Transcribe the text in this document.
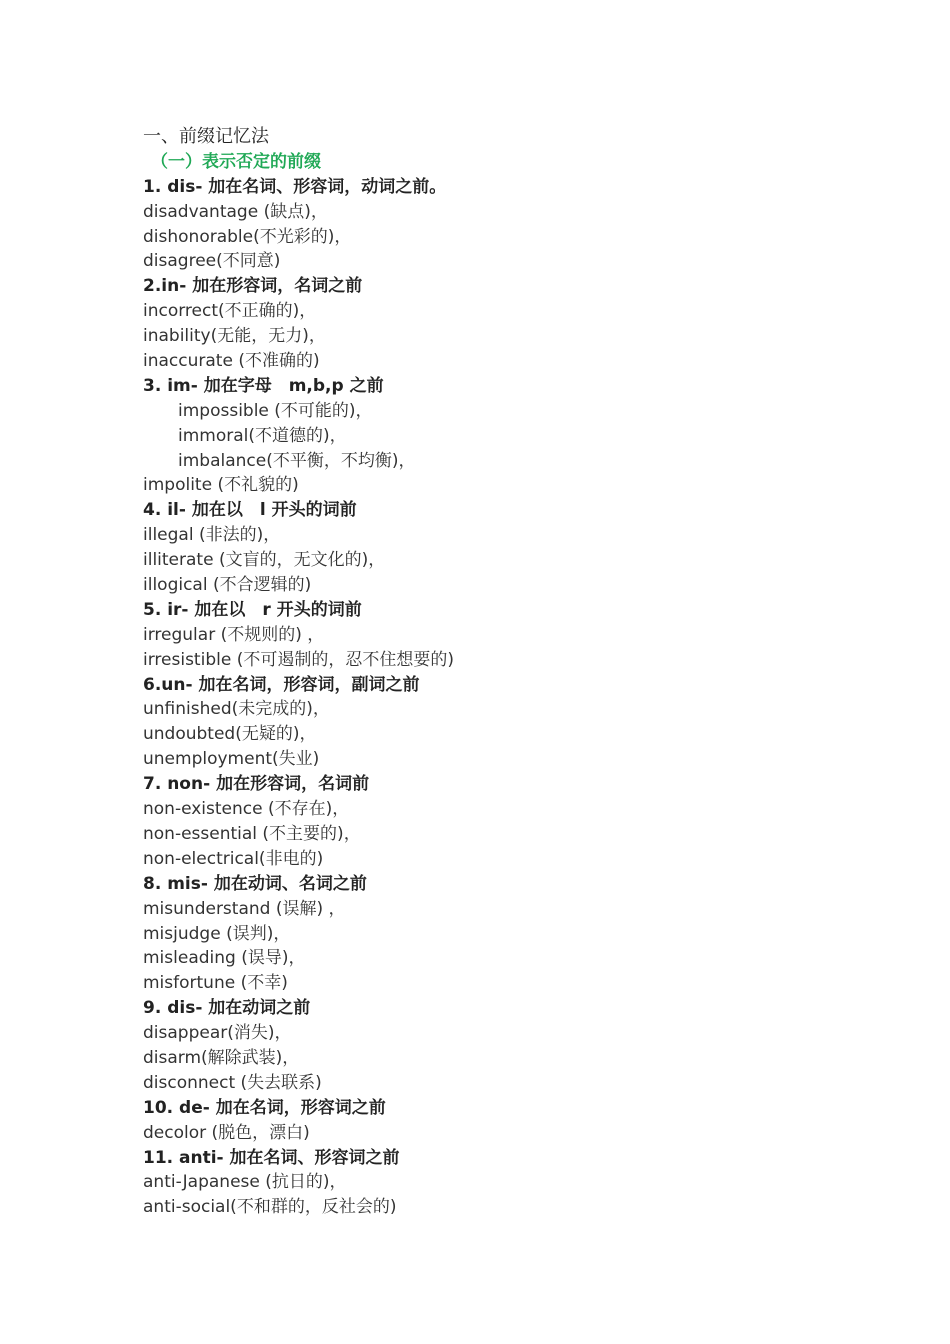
一、前缀记忆法
（一）表示否定的前缀
1. dis- 加在名词、形容词，动词之前。
disadvantage (缺点)，
dishonorable(不光彩的)，
disagree(不同意)
2.in- 加在形容词，名词之前
incorrect(不正确的)，
inability(无能，无力)，
inaccurate (不准确的)
3. im- 加在字母　m,b,p 之前
impossible (不可能的)，
immoral(不道德的)，
imbalance(不平衡，不均衡)，
impolite (不礼貌的)
4. il- 加在以　l 开头的词前
illegal (非法的)，
illiterate (文盲的，无文化的)，
illogical (不合逻辑的)
5. ir- 加在以　r 开头的词前
irregular (不规则的) ，
irresistible (不可遏制的，忍不住想要的)
6.un- 加在名词，形容词，副词之前
unfinished(未完成的)，
undoubted(无疑的)，
unemployment(失业)
7. non- 加在形容词，名词前
non-existence (不存在)，
non-essential (不主要的)，
non-electrical(非电的)
8. mis- 加在动词、名词之前
misunderstand (误解) ，
misjudge (误判)，
misleading (误导)，
misfortune (不幸)
9. dis- 加在动词之前
disappear(消失)，
disarm(解除武装)，
disconnect (失去联系)
10. de- 加在名词，形容词之前
decolor (脱色，漂白)
11. anti- 加在名词、形容词之前
anti-Japanese (抗日的)，
anti-social(不和群的，反社会的)
